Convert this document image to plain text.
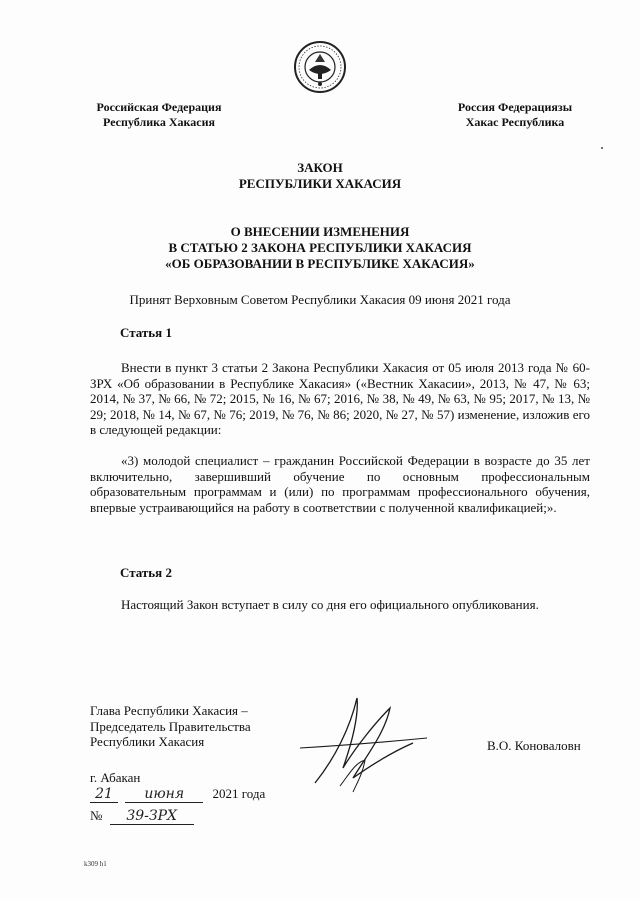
Российская Федерация
Республика Хакасия
Россия Федерациязы
Хакас Республика
ЗАКОН
РЕСПУБЛИКИ ХАКАСИЯ
О ВНЕСЕНИИ ИЗМЕНЕНИЯ
В СТАТЬЮ 2 ЗАКОНА РЕСПУБЛИКИ ХАКАСИЯ
«ОБ ОБРАЗОВАНИИ В РЕСПУБЛИКЕ ХАКАСИЯ»
Принят Верховным Советом Республики Хакасия 09 июня 2021 года
Статья 1

Внести в пункт 3 статьи 2 Закона Республики Хакасия от 05 июля 2013 года № 60-ЗРХ «Об образовании в Республике Хакасия» («Вестник Хакасии», 2013, № 47, № 63; 2014, № 37, № 66, № 72; 2015, № 16, № 67; 2016, № 38, № 49, № 63, № 95; 2017, № 13, № 29; 2018, № 14, № 67, № 76; 2019, № 76, № 86; 2020, № 27, № 57) изменение, изложив его в следующей редакции:

«3) молодой специалист – гражданин Российской Федерации в возрасте до 35 лет включительно, завершивший обучение по основным профессиональным образовательным программам и (или) по программам профессионального обучения, впервые устраивающийся на работу в соответствии с полученной квалификацией;».

Статья 2

Настоящий Закон вступает в силу со дня его официального опубликования.

Глава Республики Хакасия –
Председатель Правительства
Республики Хакасия	В.О. Коноваловн
г. Абакан
21 июня 2021 года
№ 39-ЗРХ
k309 h1
